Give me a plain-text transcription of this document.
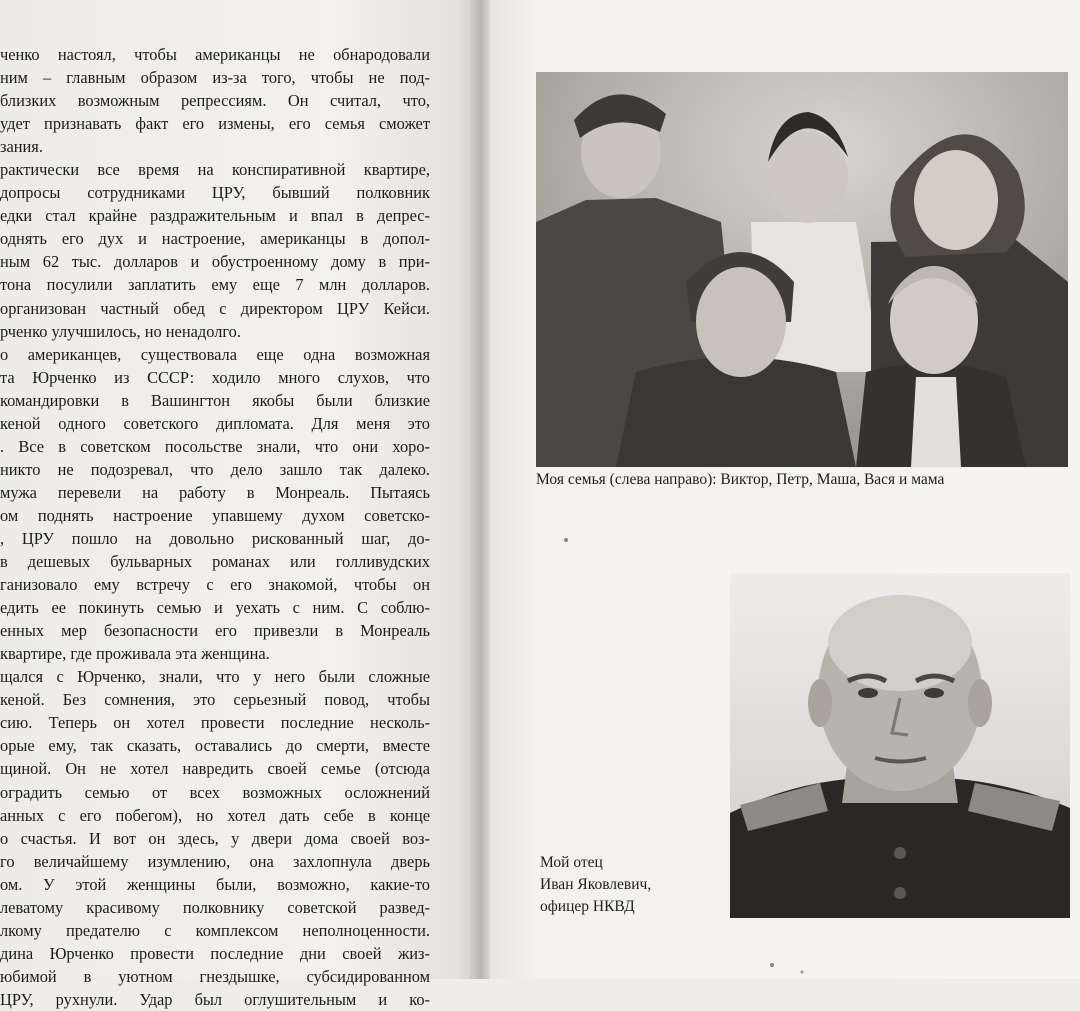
ченко настоял, чтобы американцы не обнародовали
ним – главным образом из-за того, чтобы не под-
близких возможным репрессиям. Он считал, что,
удет признавать факт его измены, его семья сможет
зания.
рактически все время на конспиративной квартире,
допросы сотрудниками ЦРУ, бывший полковник
едки стал крайне раздражительным и впал в депрес-
однять его дух и настроение, американцы в допол-
ным 62 тыс. долларов и обустроенному дому в при-
тона посулили заплатить ему еще 7 млн долларов.
организован частный обед с директором ЦРУ Кейси.
рченко улучшилось, но ненадолго.
о американцев, существовала еще одна возможная
та Юрченко из СССР: ходило много слухов, что
командировки в Вашингтон якобы были близкие
кеной одного советского дипломата. Для меня это
. Все в советском посольстве знали, что они хоро-
никто не подозревал, что дело зашло так далеко.
мужа перевели на работу в Монреаль. Пытаясь
ом поднять настроение упавшему духом советско-
, ЦРУ пошло на довольно рискованный шаг, до-
в дешевых бульварных романах или голливудских
ганизовало ему встречу с его знакомой, чтобы он
едить ее покинуть семью и уехать с ним. С соблю-
енных мер безопасности его привезли в Монреаль
квартире, где проживала эта женщина.
щался с Юрченко, знали, что у него были сложные
кеной. Без сомнения, это серьезный повод, чтобы
сию. Теперь он хотел провести последние несколь-
орые ему, так сказать, оставались до смерти, вместе
щиной. Он не хотел навредить своей семье (отсюда
оградить семью от всех возможных осложнений
анных с его побегом), но хотел дать себе в конце
о счастья. И вот он здесь, у двери дома своей воз-
го величайшему изумлению, она захлопнула дверь
ом. У этой женщины были, возможно, какие-то
леватому красивому полковнику советской развед-
лкому предателю с комплексом неполноценности.
дина Юрченко провести последние дни своей жиз-
юбимой в уютном гнездышке, субсидированном
ЦРУ, рухнули. Удар был оглушительным и ко-
Моя семья (слева направо): Виктор, Петр, Маша, Вася и мама
Мой отец
Иван Яковлевич,
офицер НКВД
